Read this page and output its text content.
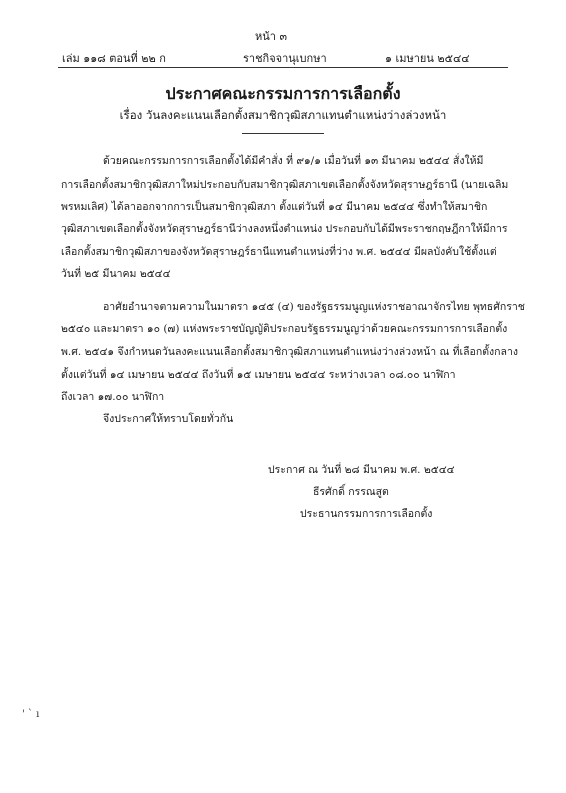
หน้า ๓
เล่ม ๑๑๘ ตอนที่ ๒๒ ก	ราชกิจจานุเบกษา	๑ เมษายน ๒๕๔๔
ประกาศคณะกรรมการการเลือกตั้ง
เรื่อง วันลงคะแนนเลือกตั้งสมาชิกวุฒิสภาแทนตำแหน่งว่างล่วงหน้า
ด้วยคณะกรรมการการเลือกตั้งได้มีคำสั่ง ที่ ๙๑/๑ เมื่อวันที่ ๑๓ มีนาคม ๒๕๔๔ สั่งให้มี
การเลือกตั้งสมาชิกวุฒิสภาใหม่ประกอบกับสมาชิกวุฒิสภาเขตเลือกตั้งจังหวัดสุราษฎร์ธานี (นายเฉลิม
พรหมเลิศ) ได้ลาออกจากการเป็นสมาชิกวุฒิสภา ตั้งแต่วันที่ ๑๔ มีนาคม ๒๕๔๔ ซึ่งทำให้สมาชิก
วุฒิสภาเขตเลือกตั้งจังหวัดสุราษฎร์ธานีว่างลงหนึ่งตำแหน่ง ประกอบกับได้มีพระราชกฤษฎีกาให้มีการ
เลือกตั้งสมาชิกวุฒิสภาของจังหวัดสุราษฎร์ธานีแทนตำแหน่งที่ว่าง พ.ศ. ๒๕๔๔ มีผลบังคับใช้ตั้งแต่
วันที่ ๒๕ มีนาคม ๒๕๔๔
อาศัยอำนาจตามความในมาตรา ๑๔๕ (๔) ของรัฐธรรมนูญแห่งราชอาณาจักรไทย พุทธศักราช
๒๕๔๐ และมาตรา ๑๐ (๗) แห่งพระราชบัญญัติประกอบรัฐธรรมนูญว่าด้วยคณะกรรมการการเลือกตั้ง
พ.ศ. ๒๕๔๑ จึงกำหนดวันลงคะแนนเลือกตั้งสมาชิกวุฒิสภาแทนตำแหน่งว่างล่วงหน้า ณ ที่เลือกตั้งกลาง
ตั้งแต่วันที่ ๑๔ เมษายน ๒๕๔๔ ถึงวันที่ ๑๕ เมษายน ๒๕๔๔ ระหว่างเวลา ๐๘.๐๐ นาฬิกา
ถึงเวลา ๑๗.๐๐ นาฬิกา
จึงประกาศให้ทราบโดยทั่วกัน
ประกาศ ณ วันที่ ๒๘ มีนาคม พ.ศ. ๒๕๔๔
ธีรศักดิ์ กรรณสูต
ประธานกรรมการการเลือกตั้ง
' ` ı
